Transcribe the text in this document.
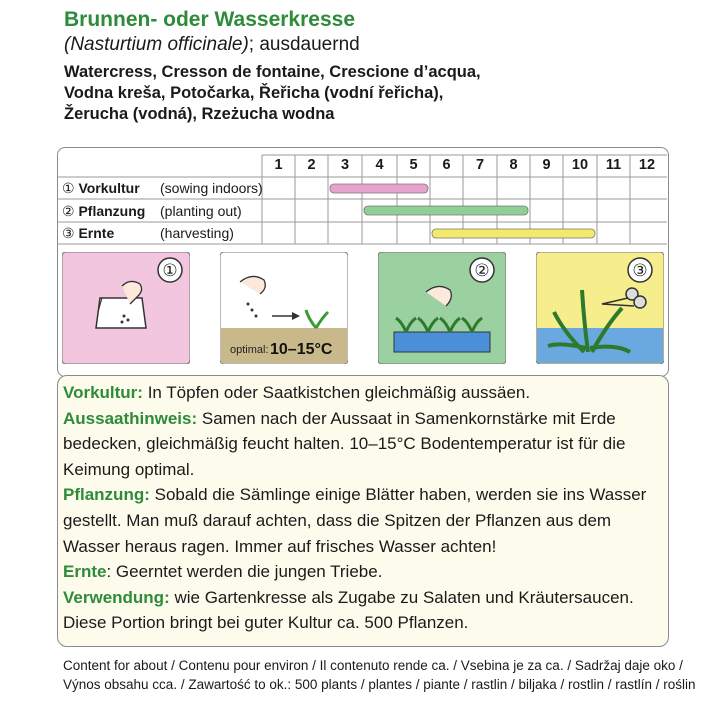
Brunnen- oder Wasserkresse
(Nasturtium officinale); ausdauernd
Watercress, Cresson de fontaine, Crescione d’acqua,
Vodna kreša, Potočarka, Řeřicha (vodní řeřicha),
Žerucha (vodná), Rzeżucha wodna
1	2	3	4	5	6	7	8	9	10	11	12
① Vorkultur (sowing indoors)
② Pflanzung (planting out)
③ Ernte	(harvesting)
①
optimal: 10–15°C
②	③
Vorkultur: In Töpfen oder Saatkistchen gleichmäßig aussäen.
Aussaathinweis: Samen nach der Aussaat in Samenkornstärke mit Erde bedecken, gleichmäßig feucht halten. 10–15°C Bodentemperatur ist für die Keimung optimal.
Pflanzung: Sobald die Sämlinge einige Blätter haben, werden sie ins Wasser gestellt. Man muß darauf achten, dass die Spitzen der Pflanzen aus dem Wasser heraus ragen. Immer auf frisches Wasser achten!
Ernte: Geerntet werden die jungen Triebe.
Verwendung: wie Gartenkresse als Zugabe zu Salaten und Kräutersaucen. Diese Portion bringt bei guter Kultur ca. 500 Pflanzen.
Content for about / Contenu pour environ / Il contenuto rende ca. / Vsebina je za ca. / Sadržaj daje oko /
Výnos obsahu cca. / Zawartość to ok.: 500 plants / plantes / piante / rastlin / biljaka / rostlin / rastlín / roślin
